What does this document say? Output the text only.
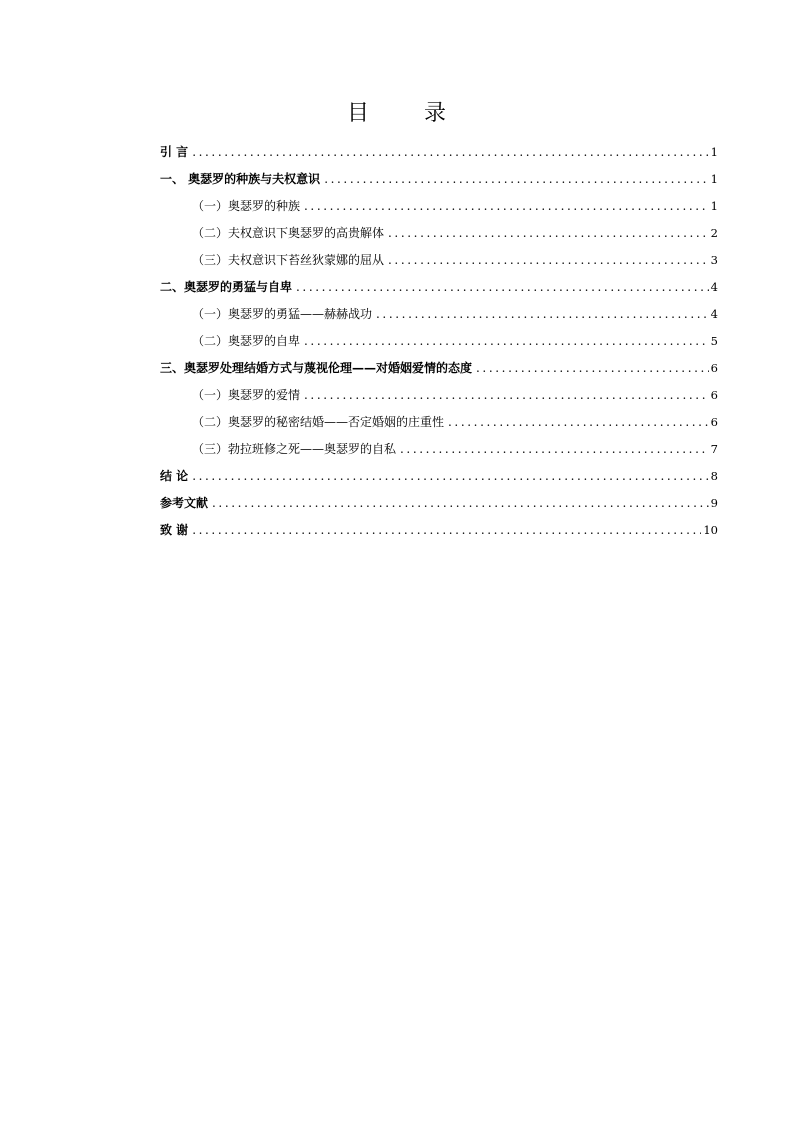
目 录
引 言 .....	1
一、 奥瑟罗的种族与夫权意识 .....	1
（一）奥瑟罗的种族 .....	1
（二）夫权意识下奥瑟罗的高贵解体 .....	2
（三）夫权意识下苔丝狄蒙娜的屈从 .....	3
二、奥瑟罗的勇猛与自卑 .....	4
（一）奥瑟罗的勇猛——赫赫战功 .....	4
（二）奥瑟罗的自卑 .....	5
三、奥瑟罗处理结婚方式与蔑视伦理——对婚姻爱情的态度 .....	6
（一）奥瑟罗的爱情 .....	6
（二）奥瑟罗的秘密结婚——否定婚姻的庄重性 .....	6
（三）勃拉班修之死——奥瑟罗的自私 .....	7
结 论 .....	8
参考文献 .....	9
致 谢 .....	10
